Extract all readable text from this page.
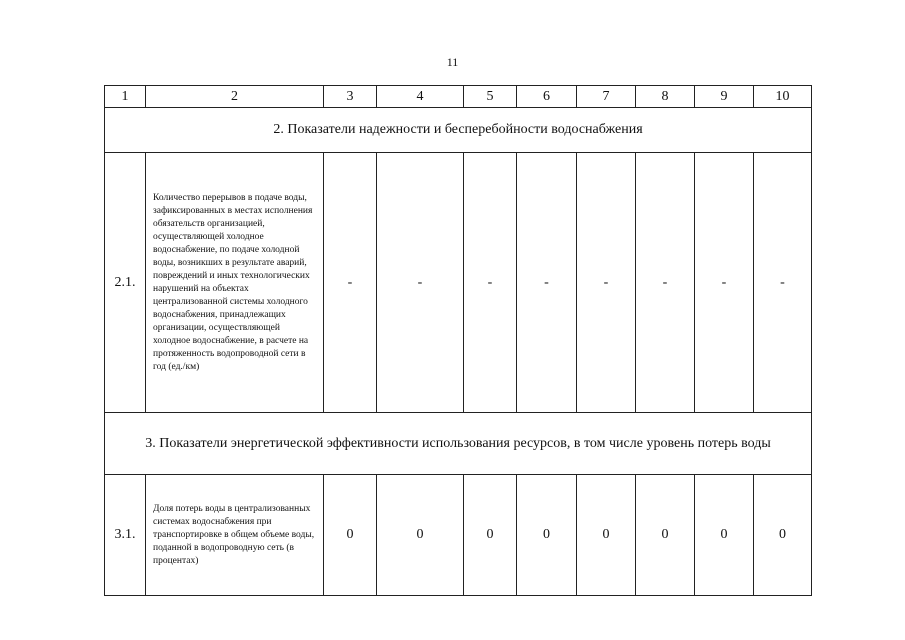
11
1	2	3	4	5	6	7	8	9	10
2. Показатели надежности и бесперебойности водоснабжения									
2.1.	Количество перерывов в подаче воды, зафиксированных в местах исполнения обязательств организацией, осуществляющей холодное водоснабжение, по подаче холодной воды, возникших в результате аварий, повреждений и иных технологических нарушений на объектах централизованной системы холодного водоснабжения, принадлежащих организации, осуществляющей холодное водоснабжение, в расчете на протяженность водопроводной сети в год (ед./км)	-	-	-	-	-	-	-	-
3. Показатели энергетической эффективности использования ресурсов, в том числе уровень потерь воды									
3.1.	Доля потерь воды в централизованных системах водоснабжения при транспортировке в общем объеме воды, поданной в водопроводную сеть (в процентах)	0	0	0	0	0	0	0	0
